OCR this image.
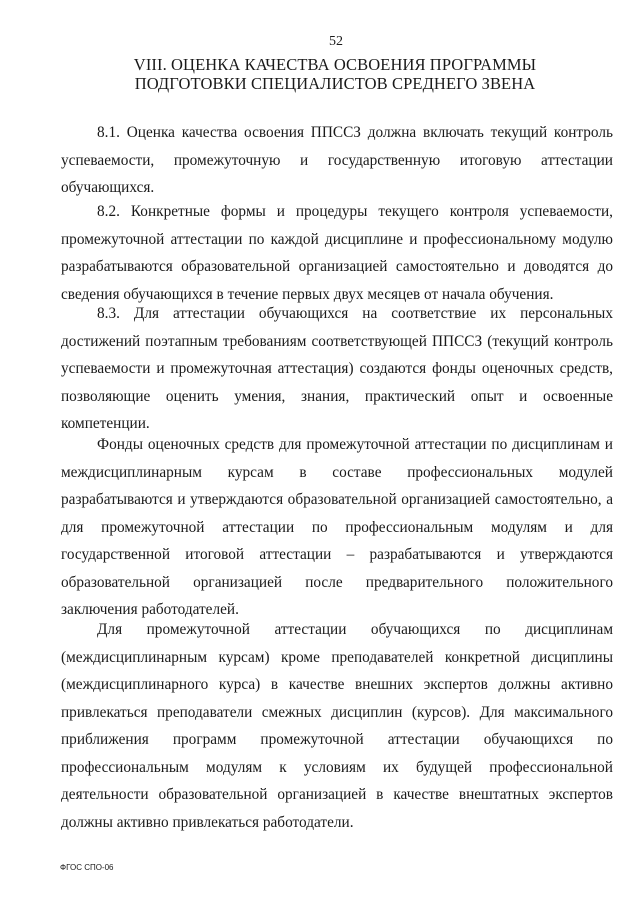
52
VIII. ОЦЕНКА КАЧЕСТВА ОСВОЕНИЯ ПРОГРАММЫ ПОДГОТОВКИ СПЕЦИАЛИСТОВ СРЕДНЕГО ЗВЕНА

8.1. Оценка качества освоения ППССЗ должна включать текущий контроль успеваемости, промежуточную и государственную итоговую аттестации обучающихся.

8.2. Конкретные формы и процедуры текущего контроля успеваемости, промежуточной аттестации по каждой дисциплине и профессиональному модулю разрабатываются образовательной организацией самостоятельно и доводятся до сведения обучающихся в течение первых двух месяцев от начала обучения.

8.3. Для аттестации обучающихся на соответствие их персональных достижений поэтапным требованиям соответствующей ППССЗ (текущий контроль успеваемости и промежуточная аттестация) создаются фонды оценочных средств, позволяющие оценить умения, знания, практический опыт и освоенные компетенции.

Фонды оценочных средств для промежуточной аттестации по дисциплинам и междисциплинарным курсам в составе профессиональных модулей разрабатываются и утверждаются образовательной организацией самостоятельно, а для промежуточной аттестации по профессиональным модулям и для государственной итоговой аттестации – разрабатываются и утверждаются образовательной организацией после предварительного положительного заключения работодателей.

Для промежуточной аттестации обучающихся по дисциплинам (междисциплинарным курсам) кроме преподавателей конкретной дисциплины (междисциплинарного курса) в качестве внешних экспертов должны активно привлекаться преподаватели смежных дисциплин (курсов). Для максимального приближения программ промежуточной аттестации обучающихся по профессиональным модулям к условиям их будущей профессиональной деятельности образовательной организацией в качестве внештатных экспертов должны активно привлекаться работодатели.

ФГОС СПО-06
